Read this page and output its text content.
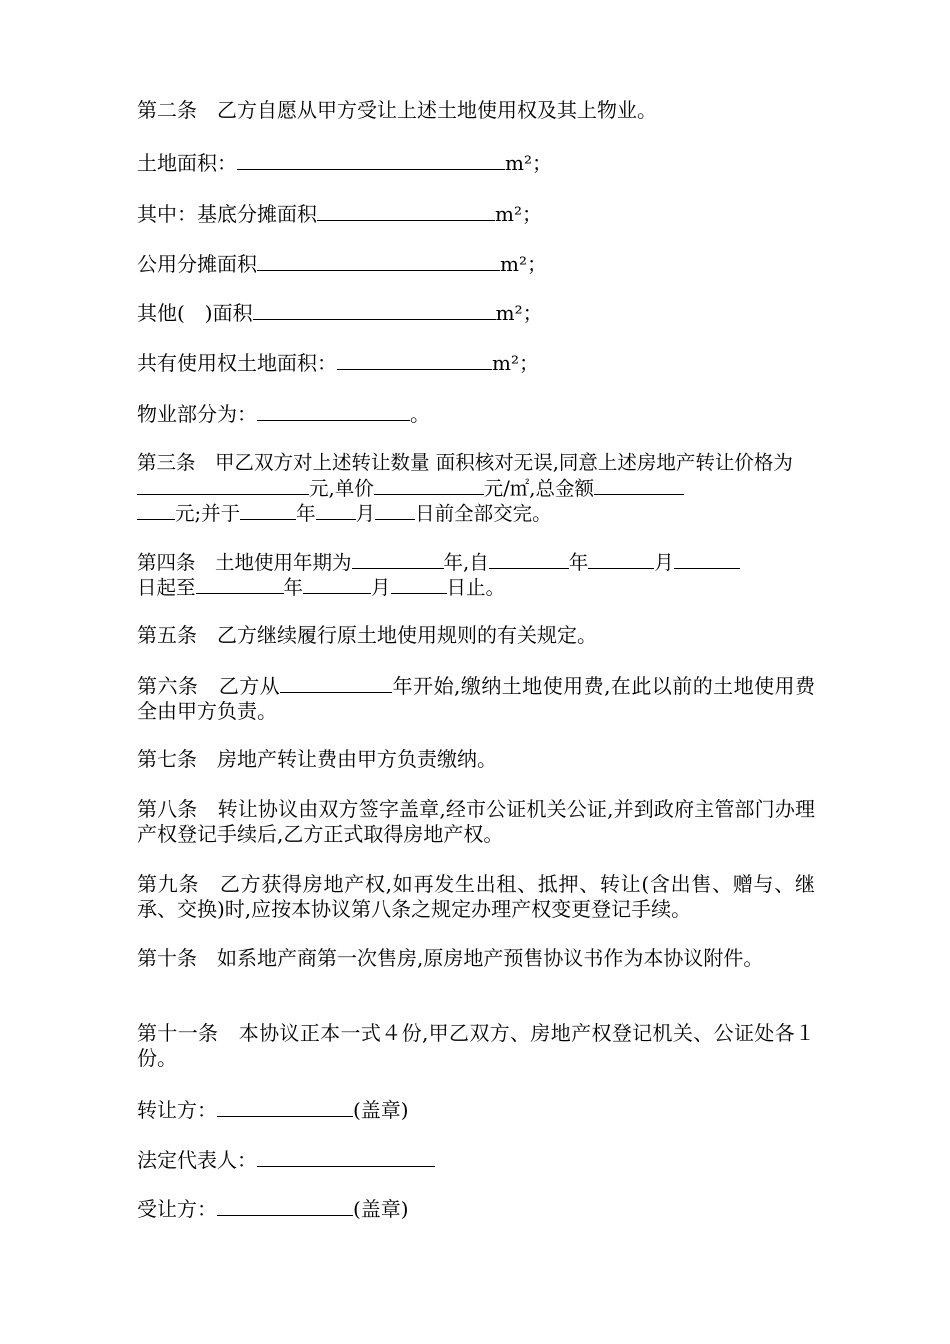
第二条　乙方自愿从甲方受让上述土地使用权及其上物业。

土地面积：	m²；

其中：基底分摊面积	m²；

公用分摊面积	m²；

其他(　)面积	m²；

共有使用权土地面积：	m²；

物业部分为：	。

第三条　甲乙双方对上述转让数量 面积核对无误,同意上述房地产转让价格为

元;并于	年 月 日前全部交完。
元,单价	元/㎡,总金额
第四条　土地使用年期为	年,自	年	月
日起至	年	月	日止。

第五条　乙方继续履行原土地使用规则的有关规定。

第六条　乙方从	年开始,缴纳土地使用费,在此以前的土地使用费全由甲方负责。

第七条　房地产转让费由甲方负责缴纳。

第八条　转让协议由双方签字盖章,经市公证机关公证,并到政府主管部门办理产权登记手续后,乙方正式取得房地产权。

第九条　乙方获得房地产权,如再发生出租、抵押、转让(含出售、赠与、继承、交换)时,应按本协议第八条之规定办理产权变更登记手续。

第十条　如系地产商第一次售房,原房地产预售协议书作为本协议附件。

第十一条　本协议正本一式４份,甲乙双方、房地产权登记机关、公证处各１份。

转让方：	(盖章)

法定代表人：

受让方：	(盖章)
